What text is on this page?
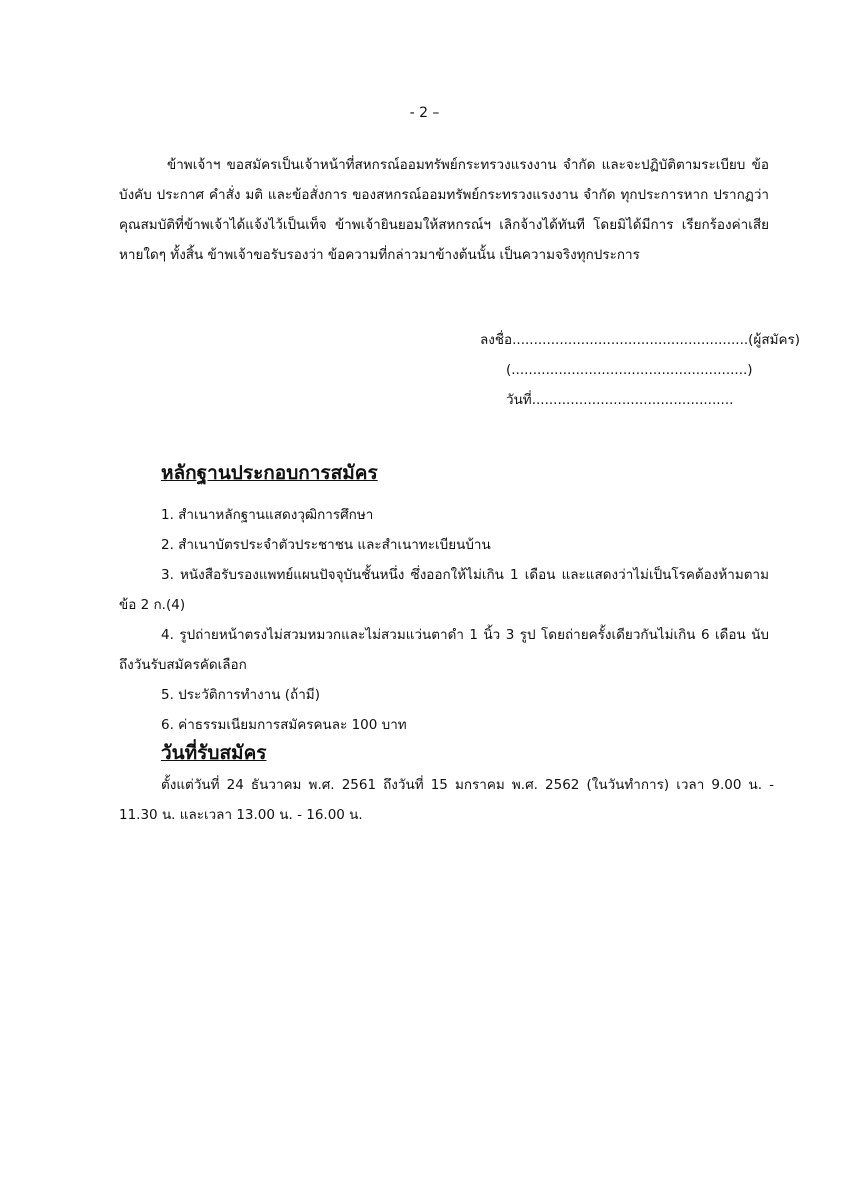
- 2 –

ข้าพเจ้าฯ ขอสมัครเป็นเจ้าหน้าที่สหกรณ์ออมทรัพย์กระทรวงแรงงาน จำกัด และจะปฏิบัติตามระเบียบ ข้อบังคับ ประกาศ คำสั่ง มติ และข้อสั่งการ ของสหกรณ์ออมทรัพย์กระทรวงแรงงาน จำกัด ทุกประการหาก ปรากฏว่าคุณสมบัติที่ข้าพเจ้าได้แจ้งไว้เป็นเท็จ ข้าพเจ้ายินยอมให้สหกรณ์ฯ เลิกจ้างได้ทันที โดยมิได้มีการ เรียกร้องค่าเสียหายใดๆ ทั้งสิ้น ข้าพเจ้าขอรับรองว่า ข้อความที่กล่าวมาข้างต้นนั้น เป็นความจริงทุกประการ

ลงชื่อ.......................................................(ผู้สมัคร)
(.......................................................)
วันที่...............................................
หลักฐานประกอบการสมัคร
1. สำเนาหลักฐานแสดงวุฒิการศึกษา
2. สำเนาบัตรประจำตัวประชาชน และสำเนาทะเบียนบ้าน
3. หนังสือรับรองแพทย์แผนปัจจุบันชั้นหนึ่ง ซึ่งออกให้ไม่เกิน 1 เดือน และแสดงว่าไม่เป็นโรคต้องห้ามตามข้อ 2 ก.(4)
4. รูปถ่ายหน้าตรงไม่สวมหมวกและไม่สวมแว่นตาดำ 1 นิ้ว 3 รูป โดยถ่ายครั้งเดียวกันไม่เกิน 6 เดือน นับถึงวันรับสมัครคัดเลือก
5. ประวัติการทำงาน (ถ้ามี)
6. ค่าธรรมเนียมการสมัครคนละ 100 บาท
วันที่รับสมัคร

ตั้งแต่วันที่ 24 ธันวาคม พ.ศ. 2561 ถึงวันที่ 15 มกราคม พ.ศ. 2562 (ในวันทำการ) เวลา 9.00 น. - 11.30 น. และเวลา 13.00 น. - 16.00 น.
